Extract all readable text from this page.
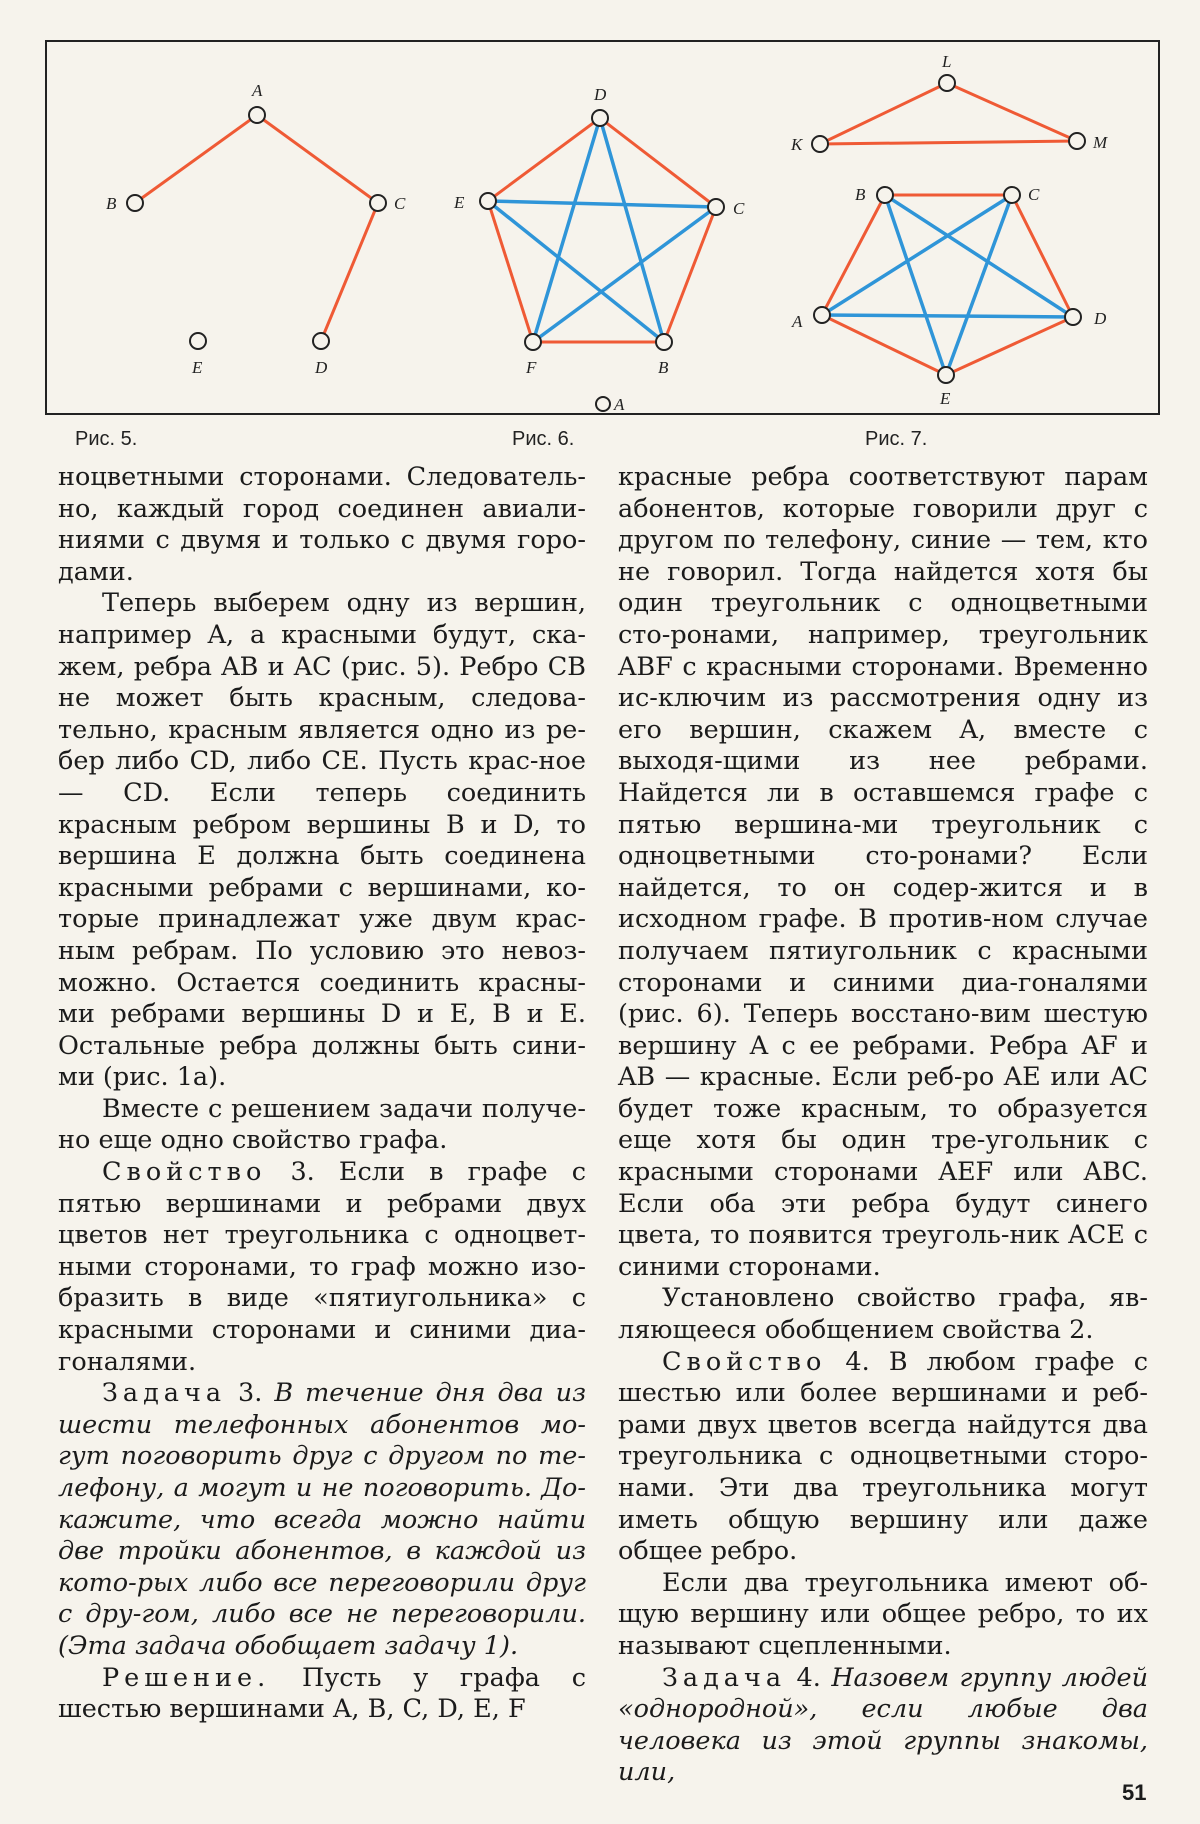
A
B	C
D
E
D
E	C
F	B
A
L
K	M
B	C
A	D
E
Рис. 5.	Рис. 6.	Рис. 7.

ноцветными сторонами. Следователь-но, каждый город соединен авиали-ниями с двумя и только с двумя горо-дами.

Теперь выберем одну из вершин, например A, а красными будут, ска-жем, ребра AB и AC (рис. 5). Ребро CB не может быть красным, следова-тельно, красным является одно из ре-бер либо CD, либо CE. Пусть крас-ное — CD. Если теперь соединить красным ребром вершины B и D, то вершина E должна быть соединена красными ребрами с вершинами, ко-торые принадлежат уже двум крас-ным ребрам. По условию это невоз-можно. Остается соединить красны-ми ребрами вершины D и E, B и E. Остальные ребра должны быть сини-ми (рис. 1а).

Вместе с решением задачи получе-но еще одно свойство графа.

Свойство 3. Если в графе с пятью вершинами и ребрами двух цветов нет треугольника с одноцвет-ными сторонами, то граф можно изо-бразить в виде «пятиугольника» с красными сторонами и синими диа-гоналями.

Задача 3. В течение дня два из шести телефонных абонентов мо-гут поговорить друг с другом по те-лефону, а могут и не поговорить. До-кажите, что всегда можно найти две тройки абонентов, в каждой из кото-рых либо все переговорили друг с дру-гом, либо все не переговорили. (Эта задача обобщает задачу 1).

Решение. Пусть у графа с шестью вершинами A, B, C, D, E, F

красные ребра соответствуют парам абонентов, которые говорили друг с другом по телефону, синие — тем, кто не говорил. Тогда найдется хотя бы один треугольник с одноцветными сто-ронами, например, треугольник ABF с красными сторонами. Временно ис-ключим из рассмотрения одну из его вершин, скажем A, вместе с выходя-щими из нее ребрами. Найдется ли в оставшемся графе с пятью вершина-ми треугольник с одноцветными сто-ронами? Если найдется, то он содер-жится и в исходном графе. В против-ном случае получаем пятиугольник с красными сторонами и синими диа-гоналями (рис. 6). Теперь восстано-вим шестую вершину A с ее ребрами. Ребра AF и AB — красные. Если реб-ро AE или AC будет тоже красным, то образуется еще хотя бы один тре-угольник с красными сторонами AEF или ABC. Если оба эти ребра будут синего цвета, то появится треуголь-ник ACE с синими сторонами.

Установлено свойство графа, яв-ляющееся обобщением свойства 2.

Свойство 4. В любом графе с шестью или более вершинами и реб-рами двух цветов всегда найдутся два треугольника с одноцветными сторо-нами. Эти два треугольника могут иметь общую вершину или даже общее ребро.

Если два треугольника имеют об-щую вершину или общее ребро, то их называют сцепленными.

Задача 4. Назовем группу людей «однородной», если любые два человека из этой группы знакомы, или,

51
